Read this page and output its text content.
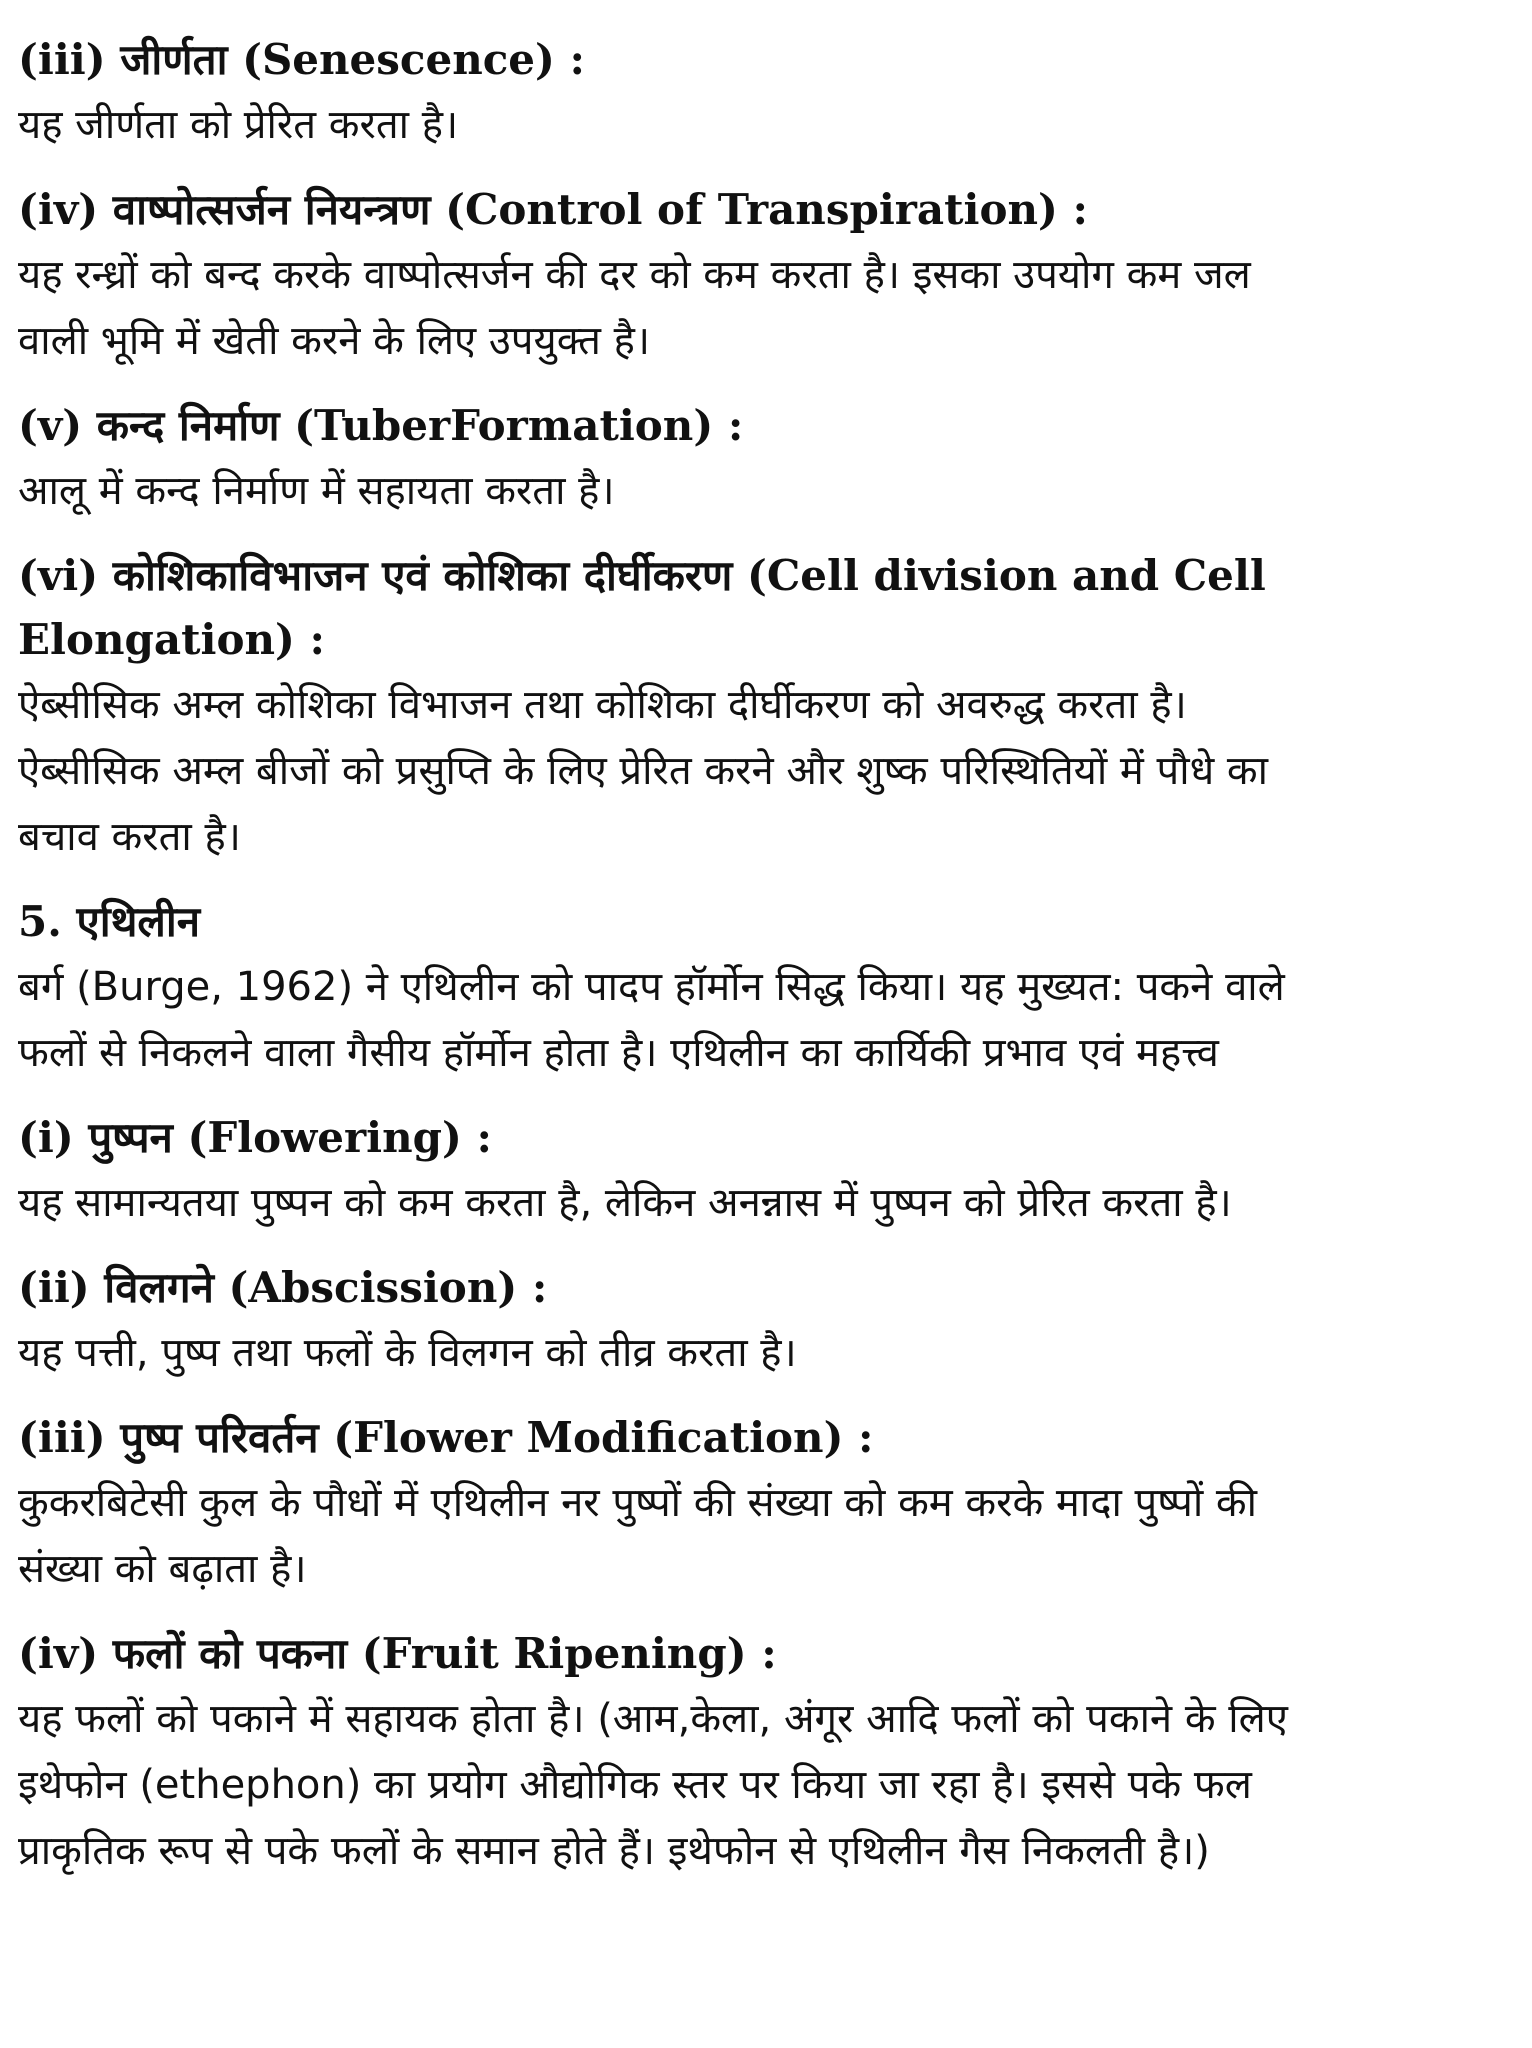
(iii) जीर्णता (Senescence) :

यह जीर्णता को प्रेरित करता है।

(iv) वाष्पोत्सर्जन नियन्त्रण (Control of Transpiration) :

यह रन्ध्रों को बन्द करके वाष्पोत्सर्जन की दर को कम करता है। इसका उपयोग कम जल
वाली भूमि में खेती करने के लिए उपयुक्त है।

(v) कन्द निर्माण (TuberFormation) :

आलू में कन्द निर्माण में सहायता करता है।

(vi) कोशिकाविभाजन एवं कोशिका दीर्घीकरण (Cell division and Cell
Elongation) :

ऐब्सीसिक अम्ल कोशिका विभाजन तथा कोशिका दीर्घीकरण को अवरुद्ध करता है।
ऐब्सीसिक अम्ल बीजों को प्रसुप्ति के लिए प्रेरित करने और शुष्क परिस्थितियों में पौधे का
बचाव करता है।

5. एथिलीन

बर्ग (Burge, 1962) ने एथिलीन को पादप हॉर्मोन सिद्ध किया। यह मुख्यत: पकने वाले
फलों से निकलने वाला गैसीय हॉर्मोन होता है। एथिलीन का कार्यिकी प्रभाव एवं महत्त्व

(i) पुष्पन (Flowering) :

यह सामान्यतया पुष्पन को कम करता है, लेकिन अनन्नास में पुष्पन को प्रेरित करता है।

(ii) विलगने (Abscission) :

यह पत्ती, पुष्प तथा फलों के विलगन को तीव्र करता है।

(iii) पुष्प परिवर्तन (Flower Modification) :

कुकरबिटेसी कुल के पौधों में एथिलीन नर पुष्पों की संख्या को कम करके मादा पुष्पों की
संख्या को बढ़ाता है।

(iv) फलों को पकना (Fruit Ripening) :

यह फलों को पकाने में सहायक होता है। (आम,केला, अंगूर आदि फलों को पकाने के लिए
इथेफोन (ethephon) का प्रयोग औद्योगिक स्तर पर किया जा रहा है। इससे पके फल
प्राकृतिक रूप से पके फलों के समान होते हैं। इथेफोन से एथिलीन गैस निकलती है।)
